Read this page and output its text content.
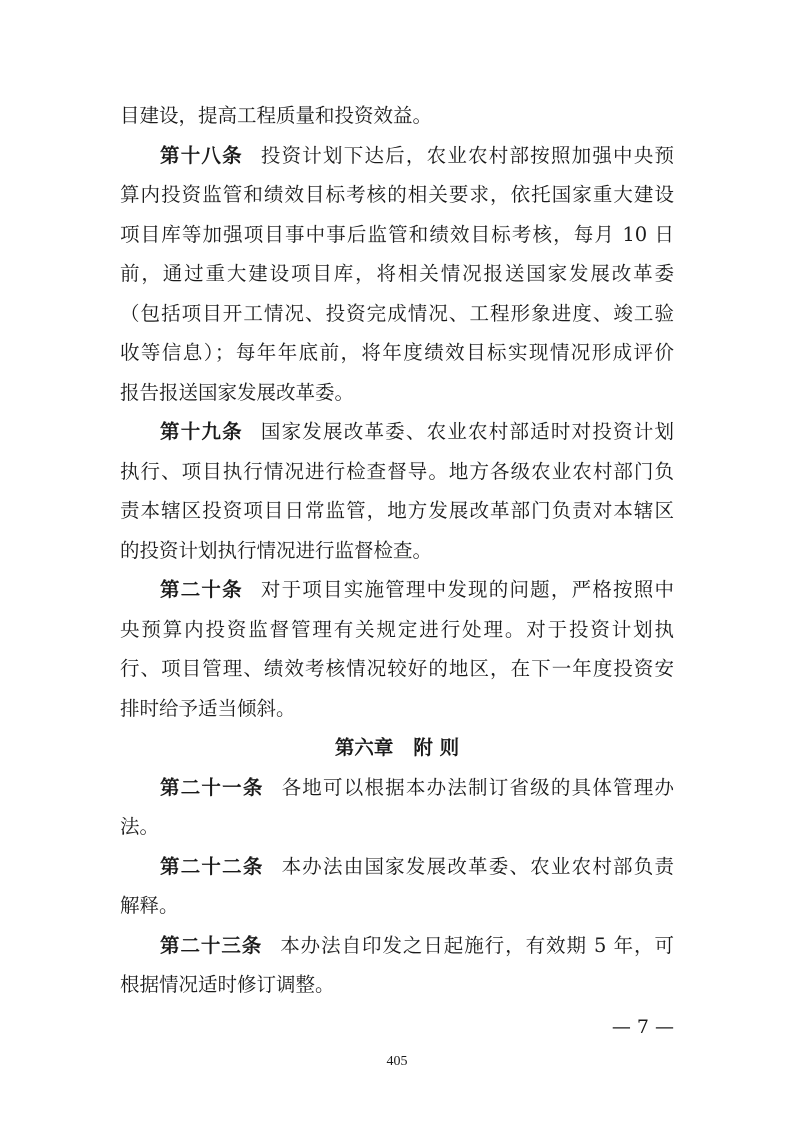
目建设，提高工程质量和投资效益。
第十八条 投资计划下达后，农业农村部按照加强中央预
算内投资监管和绩效目标考核的相关要求，依托国家重大建设
项目库等加强项目事中事后监管和绩效目标考核，每月 10 日
前，通过重大建设项目库，将相关情况报送国家发展改革委
（包括项目开工情况、投资完成情况、工程形象进度、竣工验
收等信息）；每年年底前，将年度绩效目标实现情况形成评价
报告报送国家发展改革委。
第十九条 国家发展改革委、农业农村部适时对投资计划
执行、项目执行情况进行检查督导。地方各级农业农村部门负
责本辖区投资项目日常监管，地方发展改革部门负责对本辖区
的投资计划执行情况进行监督检查。
第二十条 对于项目实施管理中发现的问题，严格按照中
央预算内投资监督管理有关规定进行处理。对于投资计划执
行、项目管理、绩效考核情况较好的地区，在下一年度投资安
排时给予适当倾斜。
第六章 附 则
第二十一条 各地可以根据本办法制订省级的具体管理办
法。
第二十二条 本办法由国家发展改革委、农业农村部负责
解释。
第二十三条 本办法自印发之日起施行，有效期 5 年，可
根据情况适时修订调整。
— 7 —
405
